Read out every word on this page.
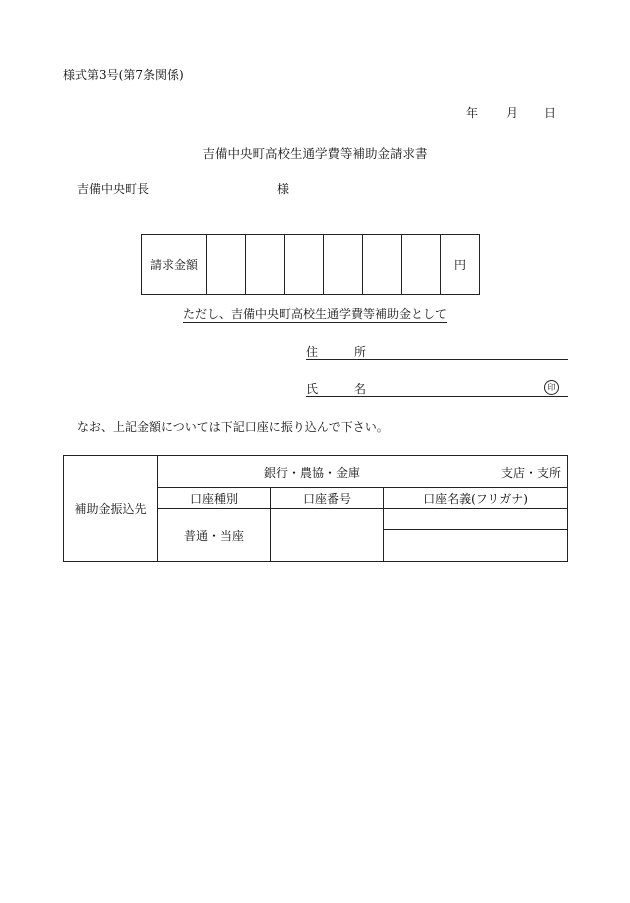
様式第3号(第7条関係)
年	月	日
吉備中央町高校生通学費等補助金請求書
吉備中央町長	様
請求金額							円
ただし、吉備中央町高校生通学費等補助金として
住	所
氏	名	印
なお、上記金額については下記口座に振り込んで下さい。
補助金振込先	銀行・農協・金庫 支店・支所		

	口座種別	口座番号	口座名義(フリガナ)
	普通・当座		
